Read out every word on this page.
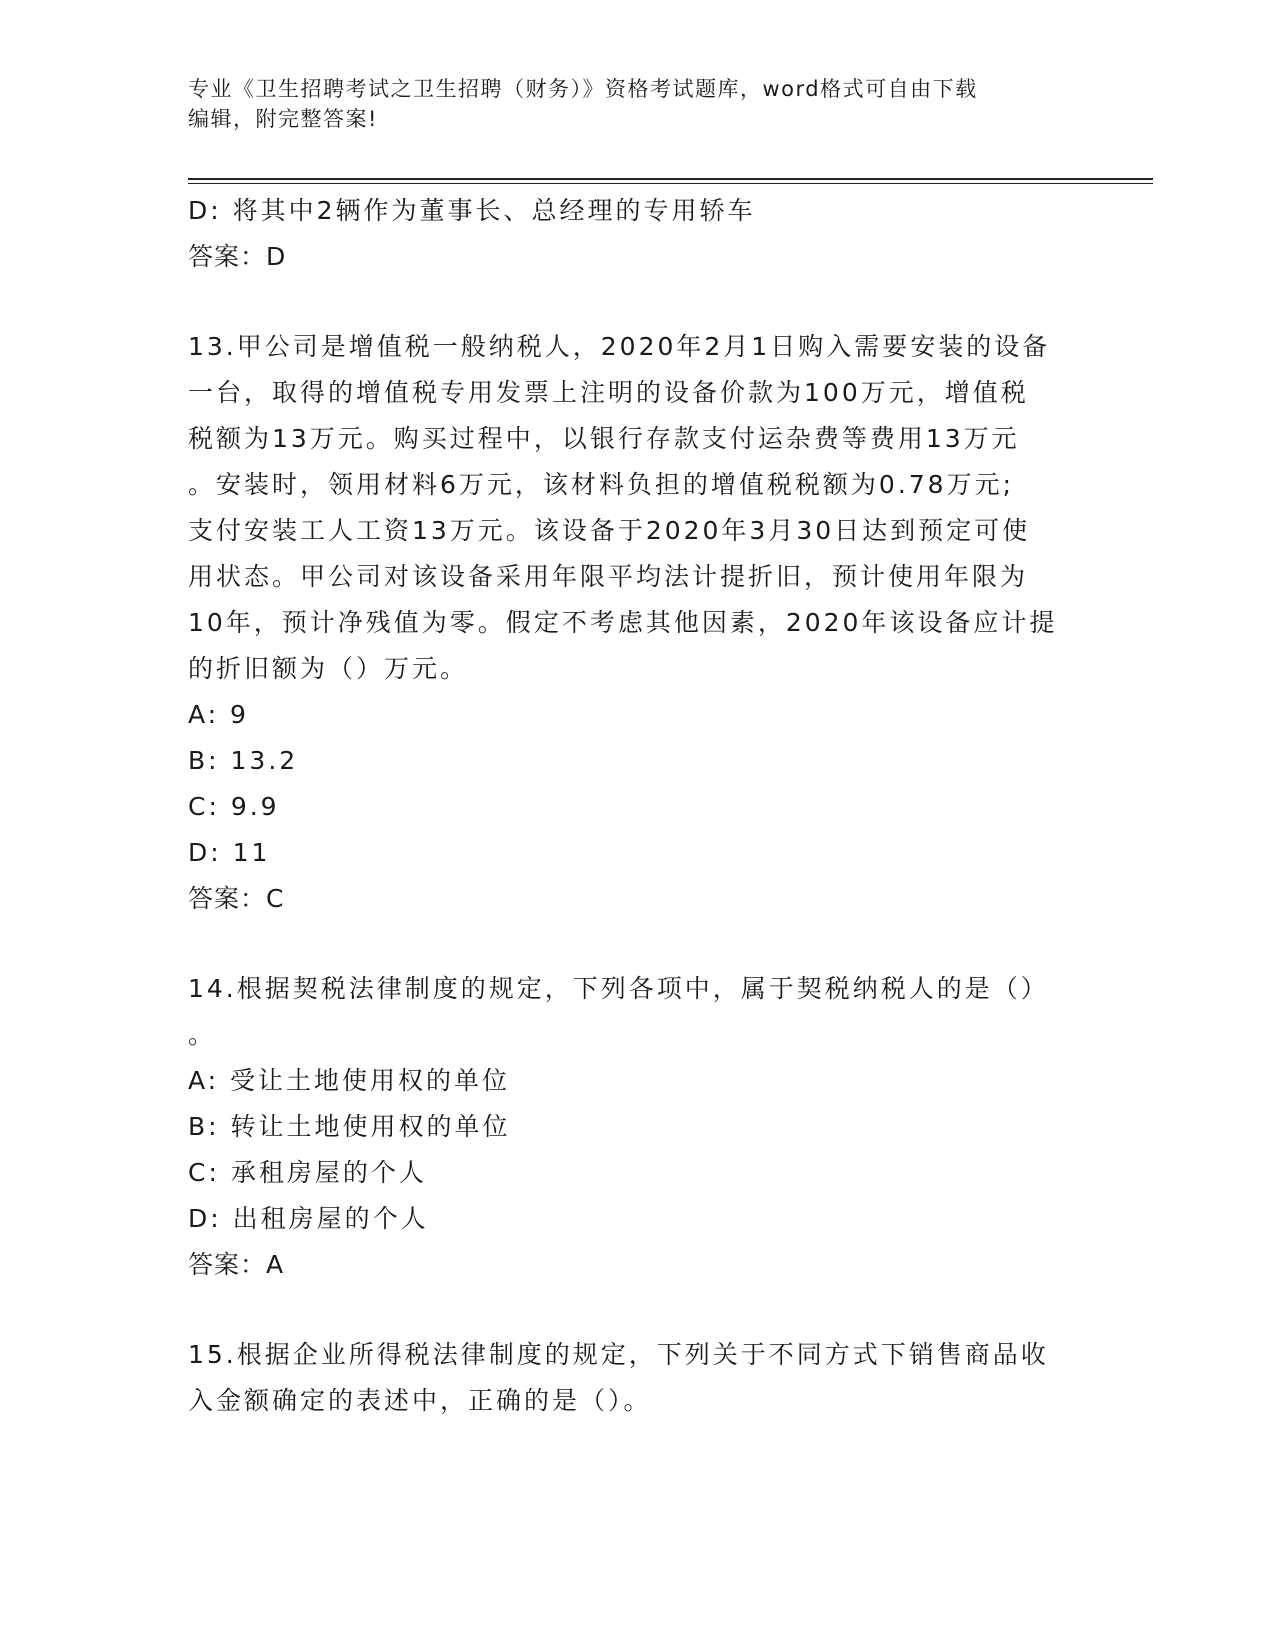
专业《卫生招聘考试之卫生招聘（财务）》资格考试题库，word格式可自由下载
编辑，附完整答案!
D: 将其中2辆作为董事长、总经理的专用轿车
答案：D
13.甲公司是增值税一般纳税人，2020年2月1日购入需要安装的设备
一台，取得的增值税专用发票上注明的设备价款为100万元，增值税
税额为13万元。购买过程中，以银行存款支付运杂费等费用13万元
。安装时，领用材料6万元，该材料负担的增值税税额为0.78万元;
支付安装工人工资13万元。该设备于2020年3月30日达到预定可使
用状态。甲公司对该设备采用年限平均法计提折旧，预计使用年限为
10年，预计净残值为零。假定不考虑其他因素，2020年该设备应计提
的折旧额为（）万元。
A: 9
B: 13.2
C: 9.9
D: 11
答案：C
14.根据契税法律制度的规定，下列各项中，属于契税纳税人的是（）
。
A: 受让土地使用权的单位
B: 转让土地使用权的单位
C: 承租房屋的个人
D: 出租房屋的个人
答案：A
15.根据企业所得税法律制度的规定，下列关于不同方式下销售商品收
入金额确定的表述中，正确的是（）。
